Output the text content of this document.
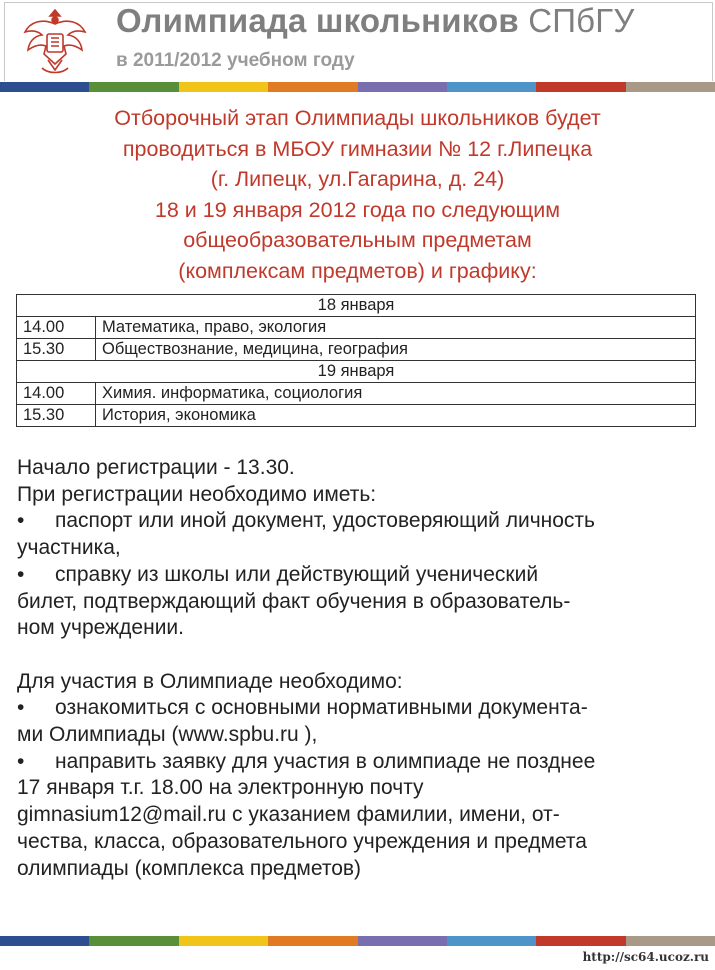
Олимпиада школьников СПбГУ
в 2011/2012 учебном году
Отборочный этап Олимпиады школьников будет
проводиться в МБОУ гимназии № 12 г.Липецка
(г. Липецк, ул.Гагарина, д. 24)
18 и 19 января 2012 года по следующим
общеобразовательным предметам
(комплексам предметов) и графику:
18 января	
14.00	Математика, право, экология
15.30	Обществознание, медицина, география
19 января	
14.00	Химия. информатика, социология
15.30	История, экономика

Начало регистрации - 13.30.

При регистрации необходимо иметь:

• паспорт или иной документ, удостоверяющий личность

участника,

• справку из школы или действующий ученический

билет, подтверждающий факт обучения в образователь-

ном учреждении.

Для участия в Олимпиаде необходимо:

• ознакомиться с основными нормативными документа-

ми Олимпиады (www.spbu.ru ),

• направить заявку для участия в олимпиаде не позднее

17 января т.г. 18.00 на электронную почту

gimnasium12@mail.ru с указанием фамилии, имени, от-

чества, класса, образовательного учреждения и предмета

олимпиады (комплекса предметов)

http://sc64.ucoz.ru
